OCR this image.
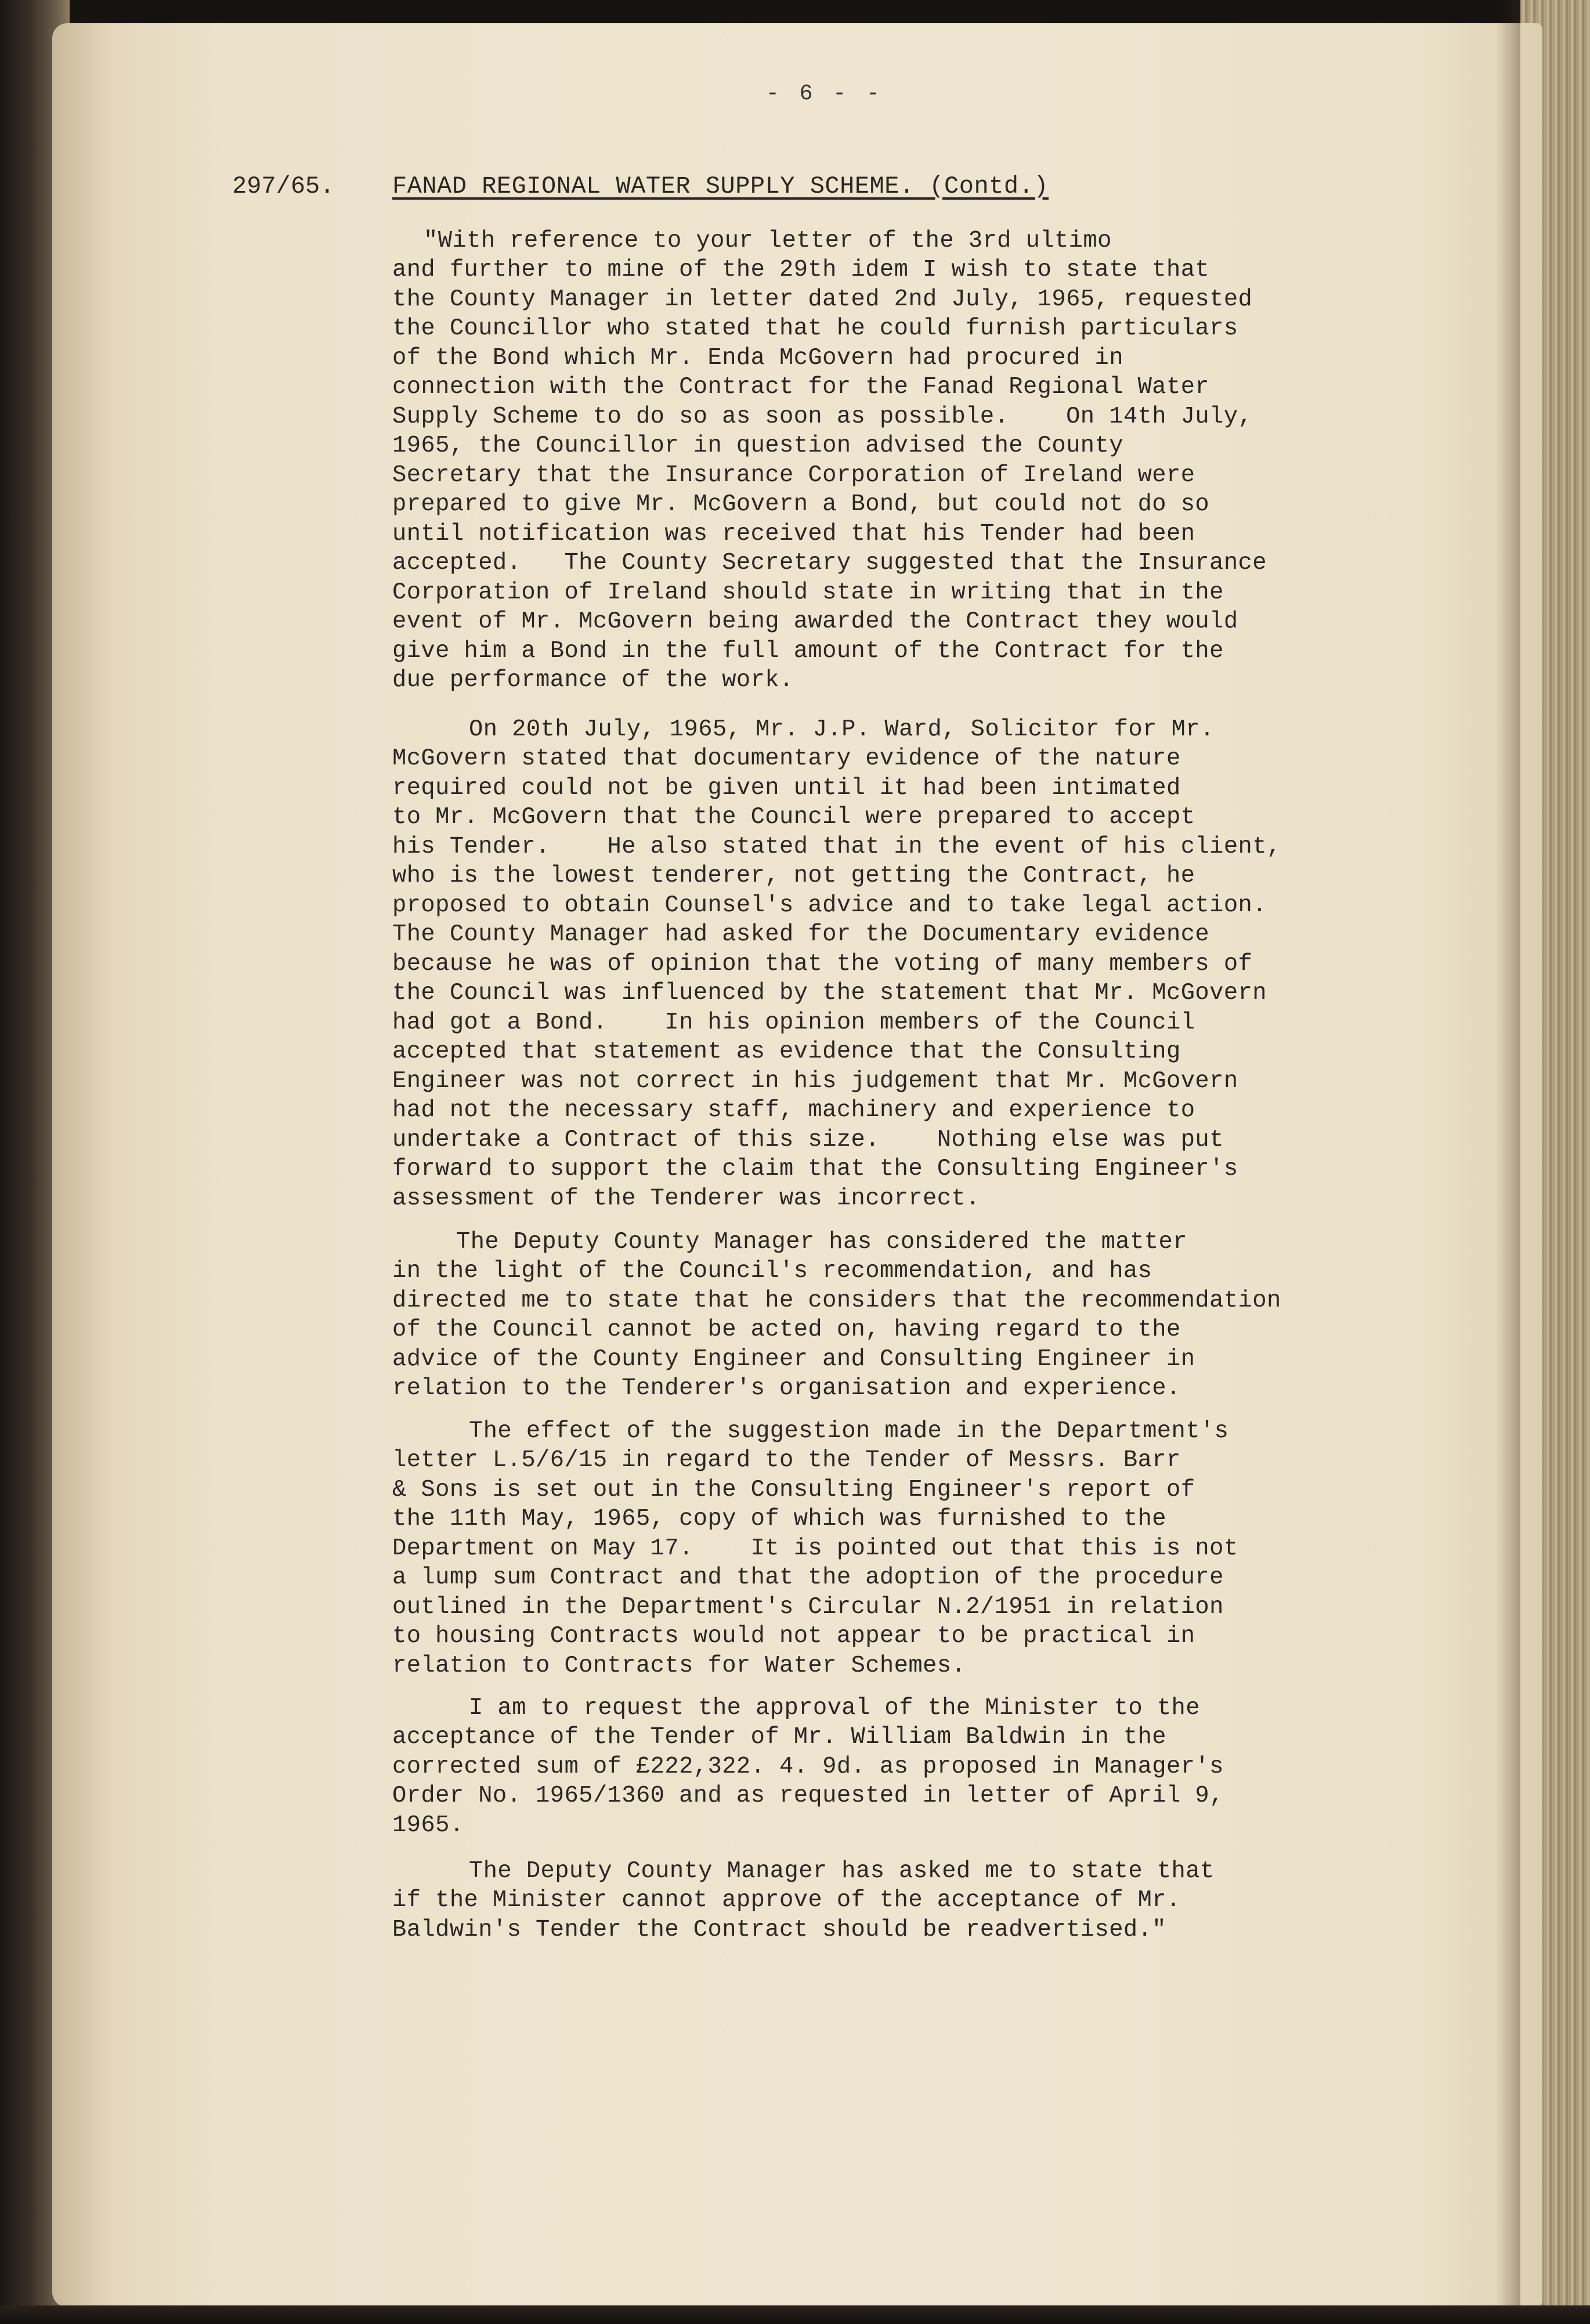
- 6 - -
297/65. FANAD REGIONAL WATER SUPPLY SCHEME. (Contd.)
"With reference to your letter of the 3rd ultimo
and further to mine of the 29th idem I wish to state that
the County Manager in letter dated 2nd July, 1965, requested
the Councillor who stated that he could furnish particulars
of the Bond which Mr. Enda McGovern had procured in
connection with the Contract for the Fanad Regional Water
Supply Scheme to do so as soon as possible.    On 14th July,
1965, the Councillor in question advised the County
Secretary that the Insurance Corporation of Ireland were
prepared to give Mr. McGovern a Bond, but could not do so
until notification was received that his Tender had been
accepted.   The County Secretary suggested that the Insurance
Corporation of Ireland should state in writing that in the
event of Mr. McGovern being awarded the Contract they would
give him a Bond in the full amount of the Contract for the
due performance of the work.
On 20th July, 1965, Mr. J.P. Ward, Solicitor for Mr.
McGovern stated that documentary evidence of the nature
required could not be given until it had been intimated
to Mr. McGovern that the Council were prepared to accept
his Tender.    He also stated that in the event of his client,
who is the lowest tenderer, not getting the Contract, he
proposed to obtain Counsel's advice and to take legal action.
The County Manager had asked for the Documentary evidence
because he was of opinion that the voting of many members of
the Council was influenced by the statement that Mr. McGovern
had got a Bond.    In his opinion members of the Council
accepted that statement as evidence that the Consulting
Engineer was not correct in his judgement that Mr. McGovern
had not the necessary staff, machinery and experience to
undertake a Contract of this size.    Nothing else was put
forward to support the claim that the Consulting Engineer's
assessment of the Tenderer was incorrect.
The Deputy County Manager has considered the matter
in the light of the Council's recommendation, and has
directed me to state that he considers that the recommendation
of the Council cannot be acted on, having regard to the
advice of the County Engineer and Consulting Engineer in
relation to the Tenderer's organisation and experience.
The effect of the suggestion made in the Department's
letter L.5/6/15 in regard to the Tender of Messrs. Barr
& Sons is set out in the Consulting Engineer's report of
the 11th May, 1965, copy of which was furnished to the
Department on May 17.    It is pointed out that this is not
a lump sum Contract and that the adoption of the procedure
outlined in the Department's Circular N.2/1951 in relation
to housing Contracts would not appear to be practical in
relation to Contracts for Water Schemes.
I am to request the approval of the Minister to the
acceptance of the Tender of Mr. William Baldwin in the
corrected sum of £222,322. 4. 9d. as proposed in Manager's
Order No. 1965/1360 and as requested in letter of April 9,
1965.
The Deputy County Manager has asked me to state that
if the Minister cannot approve of the acceptance of Mr.
Baldwin's Tender the Contract should be readvertised."
